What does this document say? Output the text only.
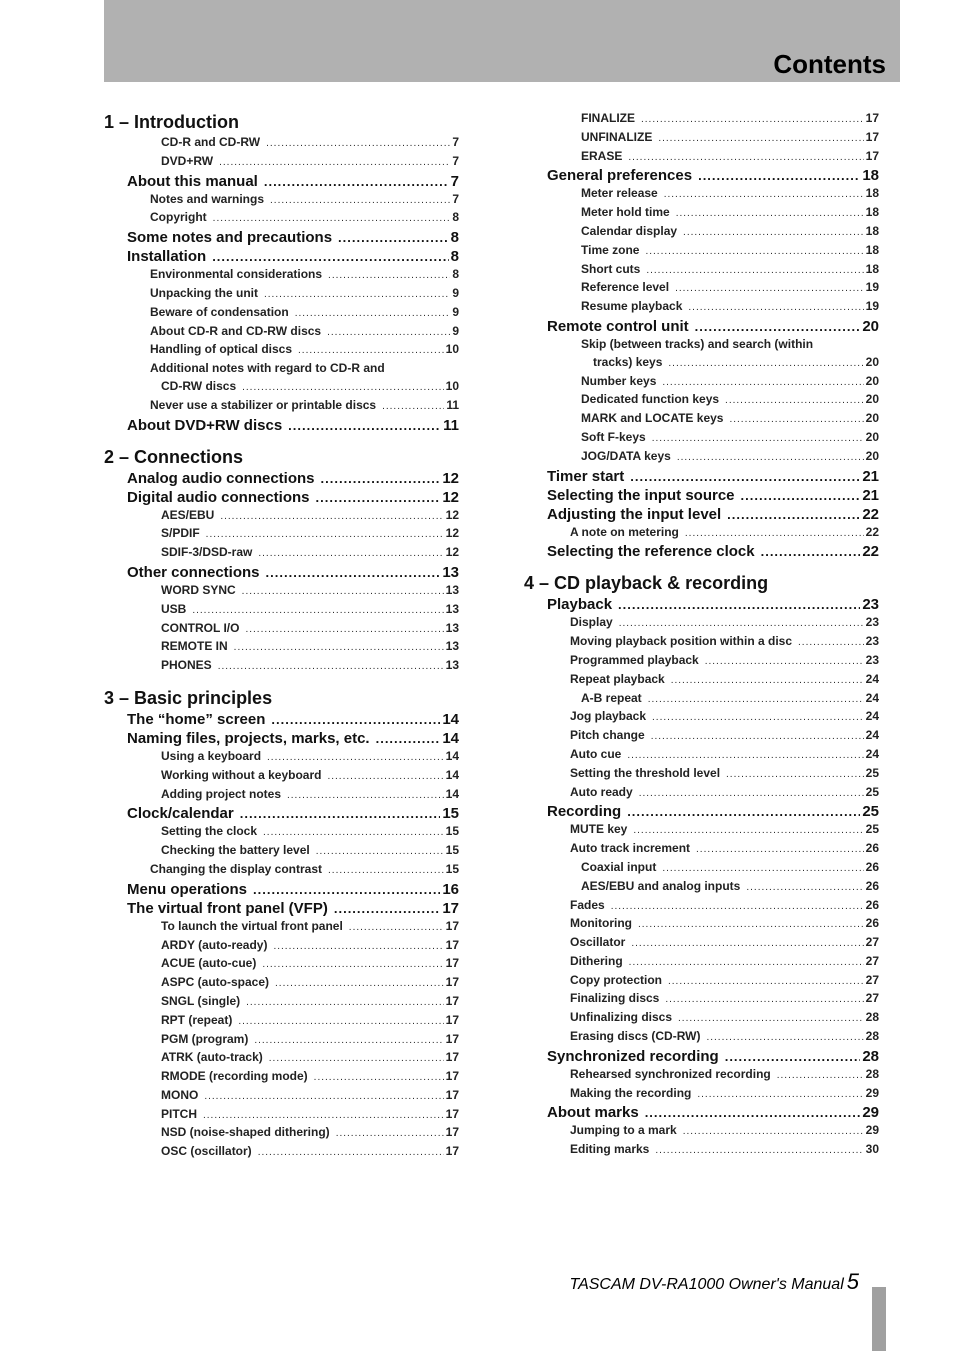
Contents
1 – Introduction
CD-R and CD-RW .....	7
DVD+RW .....	7
About this manual .....	7
Notes and warnings .....	7
Copyright .....	8
Some notes and precautions .....	8
Installation .....	8
Environmental considerations .....	8
Unpacking the unit .....	9
Beware of condensation .....	9
About CD-R and CD-RW discs .....	9
Handling of optical discs .....	10
Additional notes with regard to CD-R and
CD-RW discs .....	10
Never use a stabilizer or printable discs .....	11
About DVD+RW discs .....	11
2 – Connections
Analog audio connections .....	12
Digital audio connections .....	12
AES/EBU .....	12
S/PDIF .....	12
SDIF-3/DSD-raw .....	12
Other connections .....	13
WORD SYNC .....	13
USB .....	13
CONTROL I/O .....	13
REMOTE IN .....	13
PHONES .....	13
3 – Basic principles
The “home” screen .....	14
Naming files, projects, marks, etc. .....	14
Using a keyboard .....	14
Working without a keyboard .....	14
Adding project notes .....	14
Clock/calendar .....	15
Setting the clock .....	15
Checking the battery level .....	15
Changing the display contrast .....	15
Menu operations .....	16
The virtual front panel (VFP) .....	17
To launch the virtual front panel .....	17
ARDY (auto-ready) .....	17
ACUE (auto-cue) .....	17
ASPC (auto-space) .....	17
SNGL (single) .....	17
RPT (repeat) .....	17
PGM (program) .....	17
ATRK (auto-track) .....	17
RMODE (recording mode) .....	17
MONO .....	17
PITCH .....	17
NSD (noise-shaped dithering) .....	17
OSC (oscillator) .....	17
FINALIZE .....	17
UNFINALIZE .....	17
ERASE .....	17
General preferences .....	18
Meter release .....	18
Meter hold time .....	18
Calendar display .....	18
Time zone .....	18
Short cuts .....	18
Reference level .....	19
Resume playback .....	19
Remote control unit .....	20
Skip (between tracks) and search (within
tracks) keys .....	20
Number keys .....	20
Dedicated function keys .....	20
MARK and LOCATE keys .....	20
Soft F-keys .....	20
JOG/DATA keys .....	20
Timer start .....	21
Selecting the input source .....	21
Adjusting the input level .....	22
A note on metering .....	22
Selecting the reference clock .....	22
4 – CD playback & recording
Playback .....	23
Display .....	23
Moving playback position within a disc .....	23
Programmed playback .....	23
Repeat playback .....	24
A-B repeat .....	24
Jog playback .....	24
Pitch change .....	24
Auto cue .....	24
Setting the threshold level .....	25
Auto ready .....	25
Recording .....	25
MUTE key .....	25
Auto track increment .....	26
Coaxial input .....	26
AES/EBU and analog inputs .....	26
Fades .....	26
Monitoring .....	26
Oscillator .....	27
Dithering .....	27
Copy protection .....	27
Finalizing discs .....	27
Unfinalizing discs .....	28
Erasing discs (CD-RW) .....	28
Synchronized recording .....	28
Rehearsed synchronized recording .....	28
Making the recording .....	29
About marks .....	29
Jumping to a mark .....	29
Editing marks .....	30
TASCAM DV-RA1000 Owner's Manual 5
